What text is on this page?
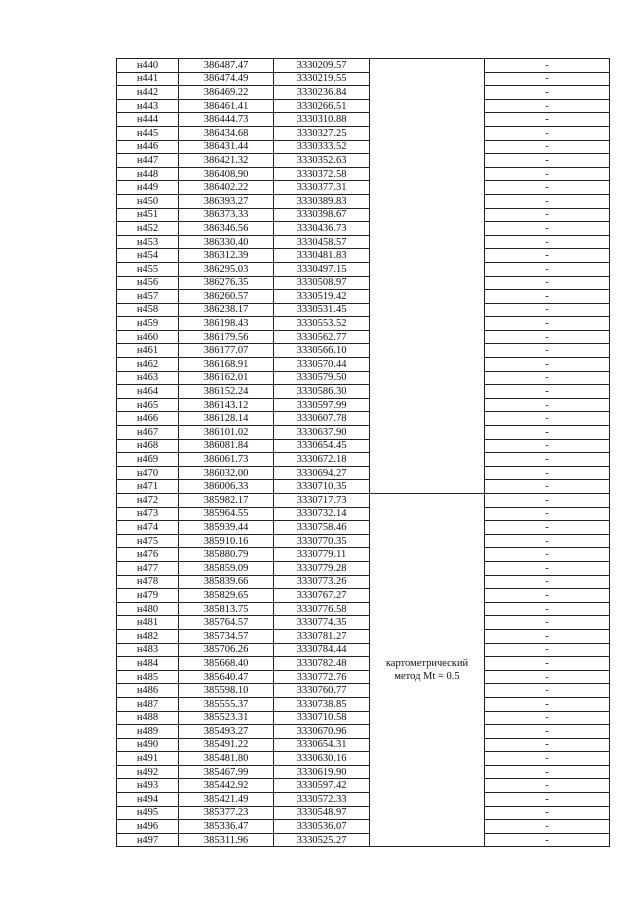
н440	386487.47	3330209.57		-
н441	386474.49	3330219.55		-
н442	386469.22	3330236.84		-
н443	386461.41	3330266.51		-
н444	386444.73	3330310.88		-
н445	386434.68	3330327.25		-
н446	386431.44	3330333.52		-
н447	386421.32	3330352.63		-
н448	386408.90	3330372.58		-
н449	386402.22	3330377.31		-
н450	386393.27	3330389.83		-
н451	386373.33	3330398.67		-
н452	386346.56	3330436.73		-
н453	386330.40	3330458.57		-
н454	386312.39	3330481.83		-
н455	386295.03	3330497.15		-
н456	386276.35	3330508.97		-
н457	386260.57	3330519.42		-
н458	386238.17	3330531.45		-
н459	386198.43	3330553.52		-
н460	386179.56	3330562.77		-
н461	386177.07	3330566.10		-
н462	386168.91	3330570.44		-
н463	386162.01	3330579.50		-
н464	386152.24	3330586.30		-
н465	386143.12	3330597.99		-
н466	386128.14	3330607.78		-
н467	386101.02	3330637.90		-
н468	386081.84	3330654.45		-
н469	386061.73	3330672.18		-
н470	386032.00	3330694.27		-
н471	386006.33	3330710.35		-
н472	385982.17	3330717.73	картометрический метод Mt = 0.5	-
н473	385964.55	3330732.14		-
н474	385939.44	3330758.46		-
н475	385910.16	3330770.35		-
н476	385880.79	3330779.11		-
н477	385859.09	3330779.28		-
н478	385839.66	3330773.26		-
н479	385829.65	3330767.27		-
н480	385813.75	3330776.58		-
н481	385764.57	3330774.35		-
н482	385734.57	3330781.27		-
н483	385706.26	3330784.44		-
н484	385668.40	3330782.48		-
н485	385640.47	3330772.76		-
н486	385598.10	3330760.77		-
н487	385555.37	3330738.85		-
н488	385523.31	3330710.58		-
н489	385493.27	3330670.96		-
н490	385491.22	3330654.31		-
н491	385481.80	3330630.16		-
н492	385467.99	3330619.90		-
н493	385442.92	3330597.42		-
н494	385421.49	3330572.33		-
н495	385377.23	3330548.97		-
н496	385336.47	3330536.07		-
н497	385311.96	3330525.27		-
